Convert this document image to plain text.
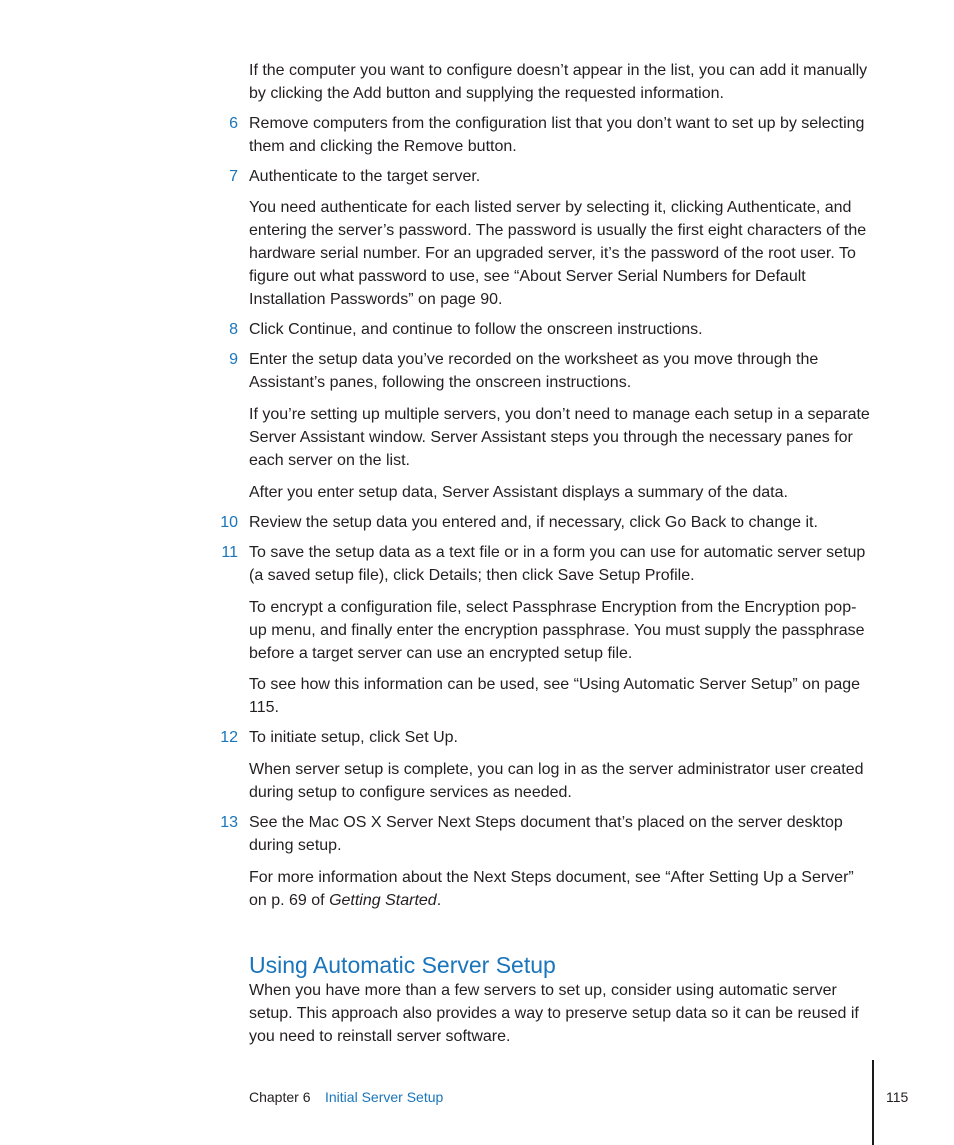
If the computer you want to configure doesn’t appear in the list, you can add it manually by clicking the Add button and supplying the requested information.

6 Remove computers from the configuration list that you don’t want to set up by selecting them and clicking the Remove button.

7 Authenticate to the target server.

You need authenticate for each listed server by selecting it, clicking Authenticate, and entering the server’s password. The password is usually the first eight characters of the hardware serial number. For an upgraded server, it’s the password of the root user. To figure out what password to use, see “About Server Serial Numbers for Default Installation Passwords” on page 90.

8 Click Continue, and continue to follow the onscreen instructions.

9 Enter the setup data you’ve recorded on the worksheet as you move through the Assistant’s panes, following the onscreen instructions.

If you’re setting up multiple servers, you don’t need to manage each setup in a separate Server Assistant window. Server Assistant steps you through the necessary panes for each server on the list.

After you enter setup data, Server Assistant displays a summary of the data.

10 Review the setup data you entered and, if necessary, click Go Back to change it.

11 To save the setup data as a text file or in a form you can use for automatic server setup (a saved setup file), click Details; then click Save Setup Profile.

To encrypt a configuration file, select Passphrase Encryption from the Encryption pop-up menu, and finally enter the encryption passphrase. You must supply the passphrase before a target server can use an encrypted setup file.

To see how this information can be used, see “Using Automatic Server Setup” on page 115.

12 To initiate setup, click Set Up.

When server setup is complete, you can log in as the server administrator user created during setup to configure services as needed.

13 See the Mac OS X Server Next Steps document that’s placed on the server desktop during setup.

For more information about the Next Steps document, see “After Setting Up a Server” on p. 69 of Getting Started.

Using Automatic Server Setup

When you have more than a few servers to set up, consider using automatic server setup. This approach also provides a way to preserve setup data so it can be reused if you need to reinstall server software.

Chapter 6 Initial Server Setup	115
